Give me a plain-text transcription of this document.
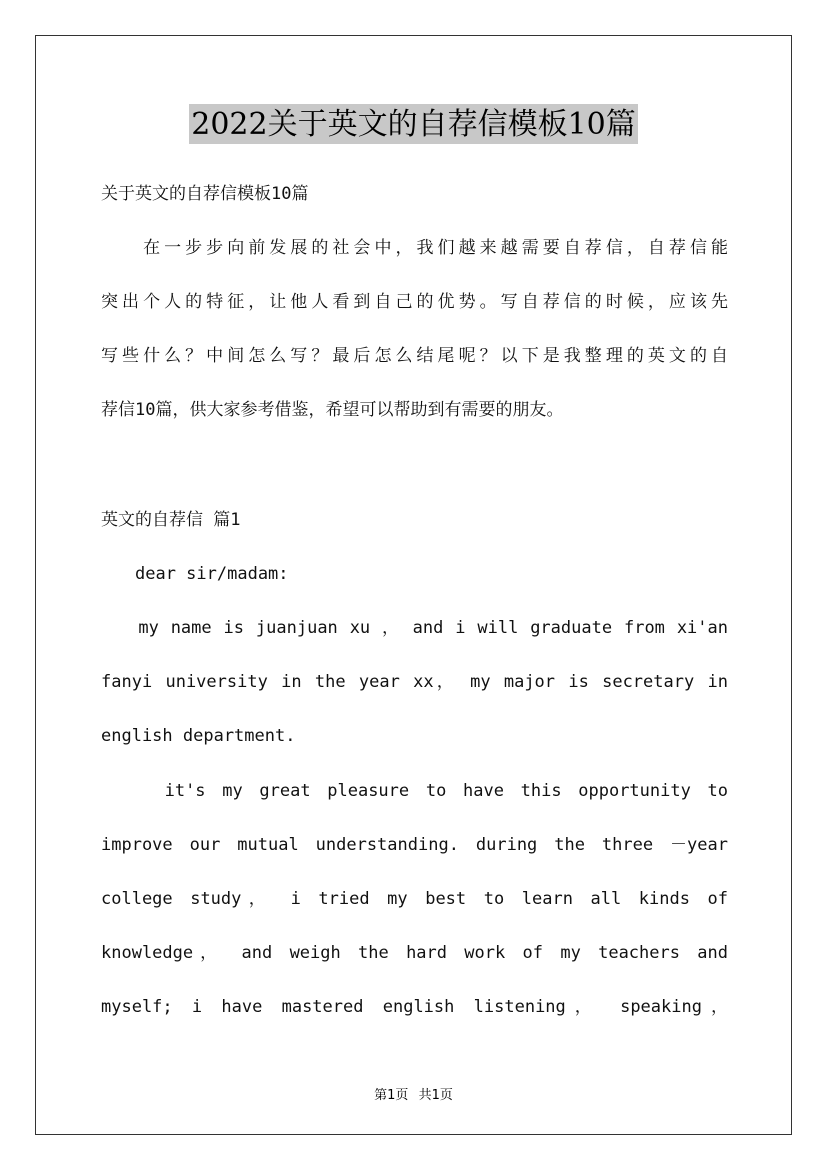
2022关于英文的自荐信模板10篇
关于英文的自荐信模板10篇
　　在一步步向前发展的社会中，我们越来越需要自荐信，自荐信能
突出个人的特征，让他人看到自己的优势。写自荐信的时候，应该先
写些什么？中间怎么写？最后怎么结尾呢？以下是我整理的英文的自
荐信10篇，供大家参考借鉴，希望可以帮助到有需要的朋友。
英文的自荐信 篇1
　　dear sir/madam:
　　my name is juanjuan xu ， and i will graduate from xi'an
fanyi university in the year xx， my major is secretary in
english department.
　　 it's my great pleasure to have this opportunity to
improve our mutual understanding. during the three －year
college study， i tried my best to learn all kinds of
knowledge， and weigh the hard work of my teachers and
myself; i have mastered english listening， speaking，
第1页 共1页
